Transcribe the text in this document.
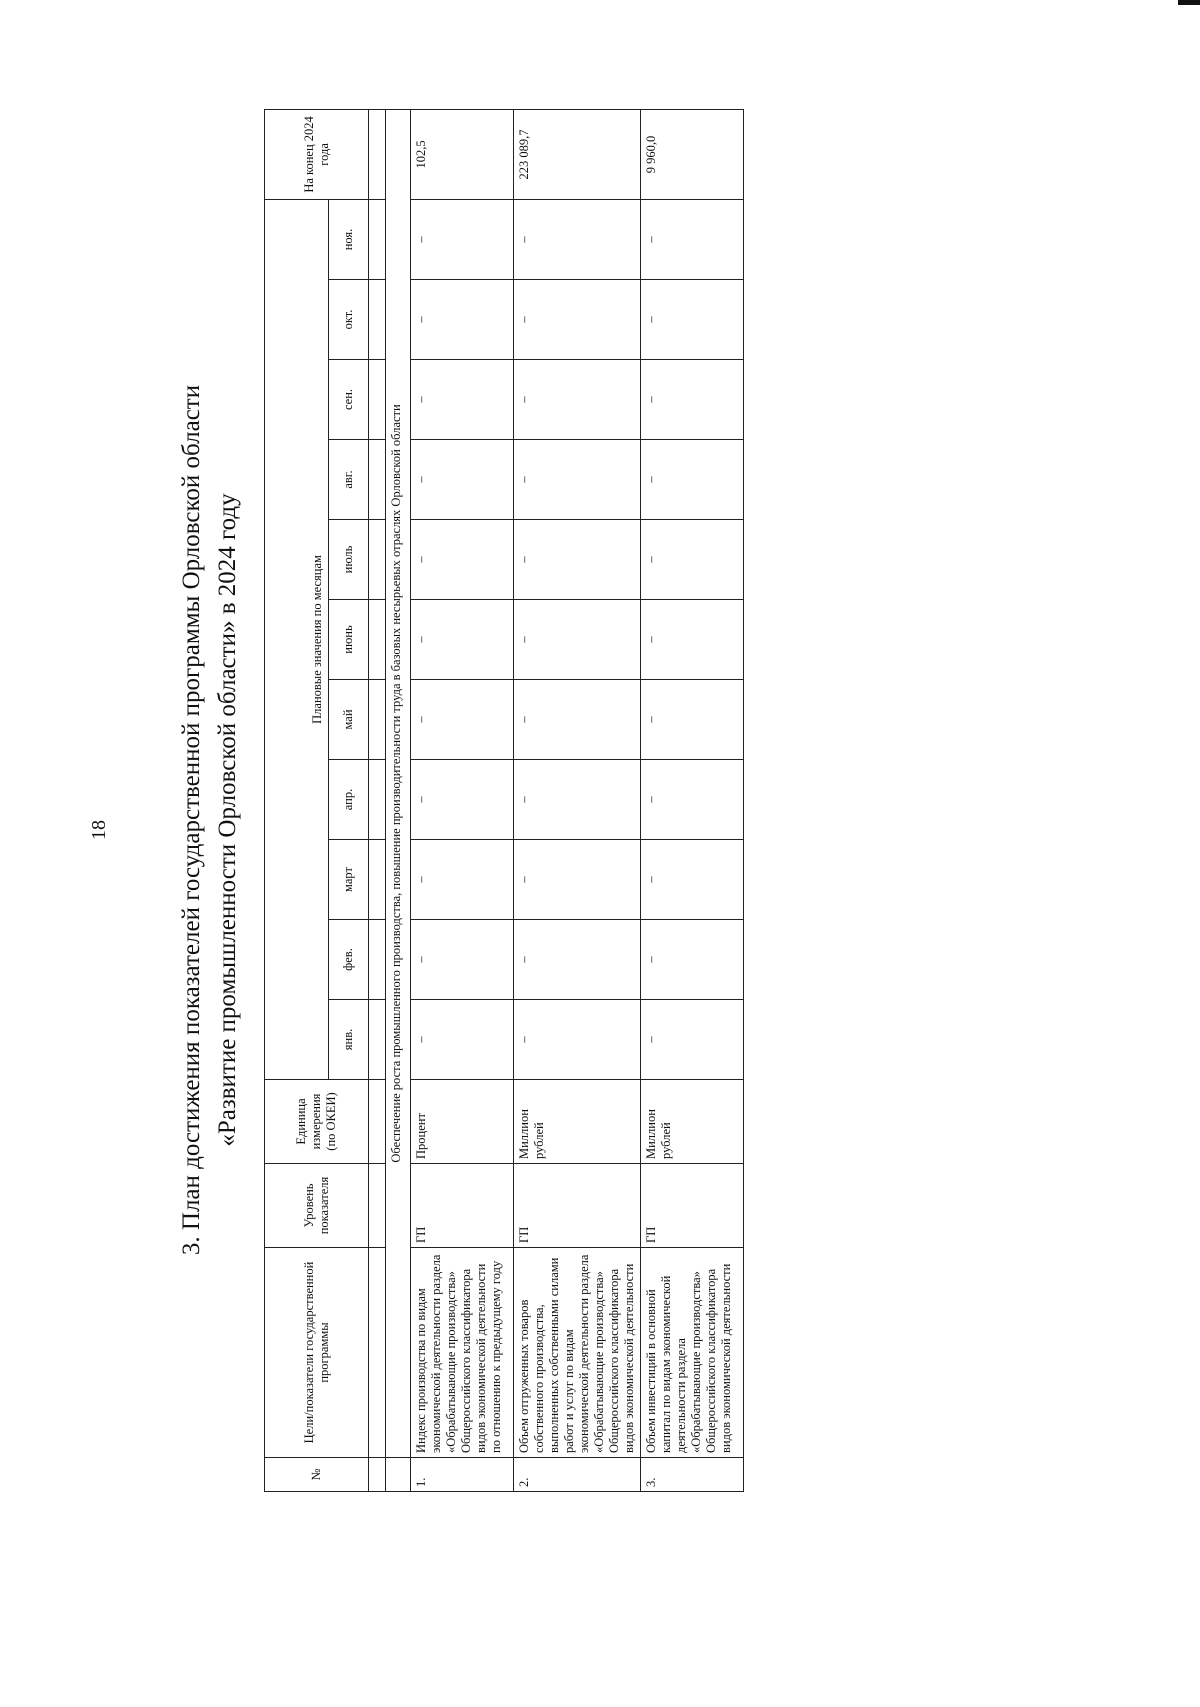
18	3. План достижения показателей государственной программы Орловской области «Развитие промышленности Орловской области» в 2024 году
№	Цели/показатели государственной программы	Уровень показателя	Единица измерения (по ОКЕИ)	Плановые значения по месяцам											На конец 2024 года
				янв.	фев.	март	апр.	май	июнь	июль	авг.	сен.	окт.	ноя.	

	Обеспечение роста промышленного производства, повышение производительности труда в базовых несырьевых отраслях Орловской области														
1.	Индекс производства по видам экономической деятельности раздела «Обрабатывающие производства» Общероссийского классификатора видов экономической деятельности по отношению к предыдущему году	ГП	Процент	–	–	–	–	–	–	–	–	–	–	–	102,5
2.	Объем отгруженных товаров собственного производства, выполненных собственными силами работ и услуг по видам экономической деятельности раздела «Обрабатывающие производства» Общероссийского классификатора видов экономической деятельности	ГП	Миллион рублей	–	–	–	–	–	–	–	–	–	–	–	223 089,7
3.	Объем инвестиций в основной капитал по видам экономической деятельности раздела «Обрабатывающие производства» Общероссийского классификатора видов экономической деятельности	ГП	Миллион рублей	–	–	–	–	–	–	–	–	–	–	–	9 960,0
